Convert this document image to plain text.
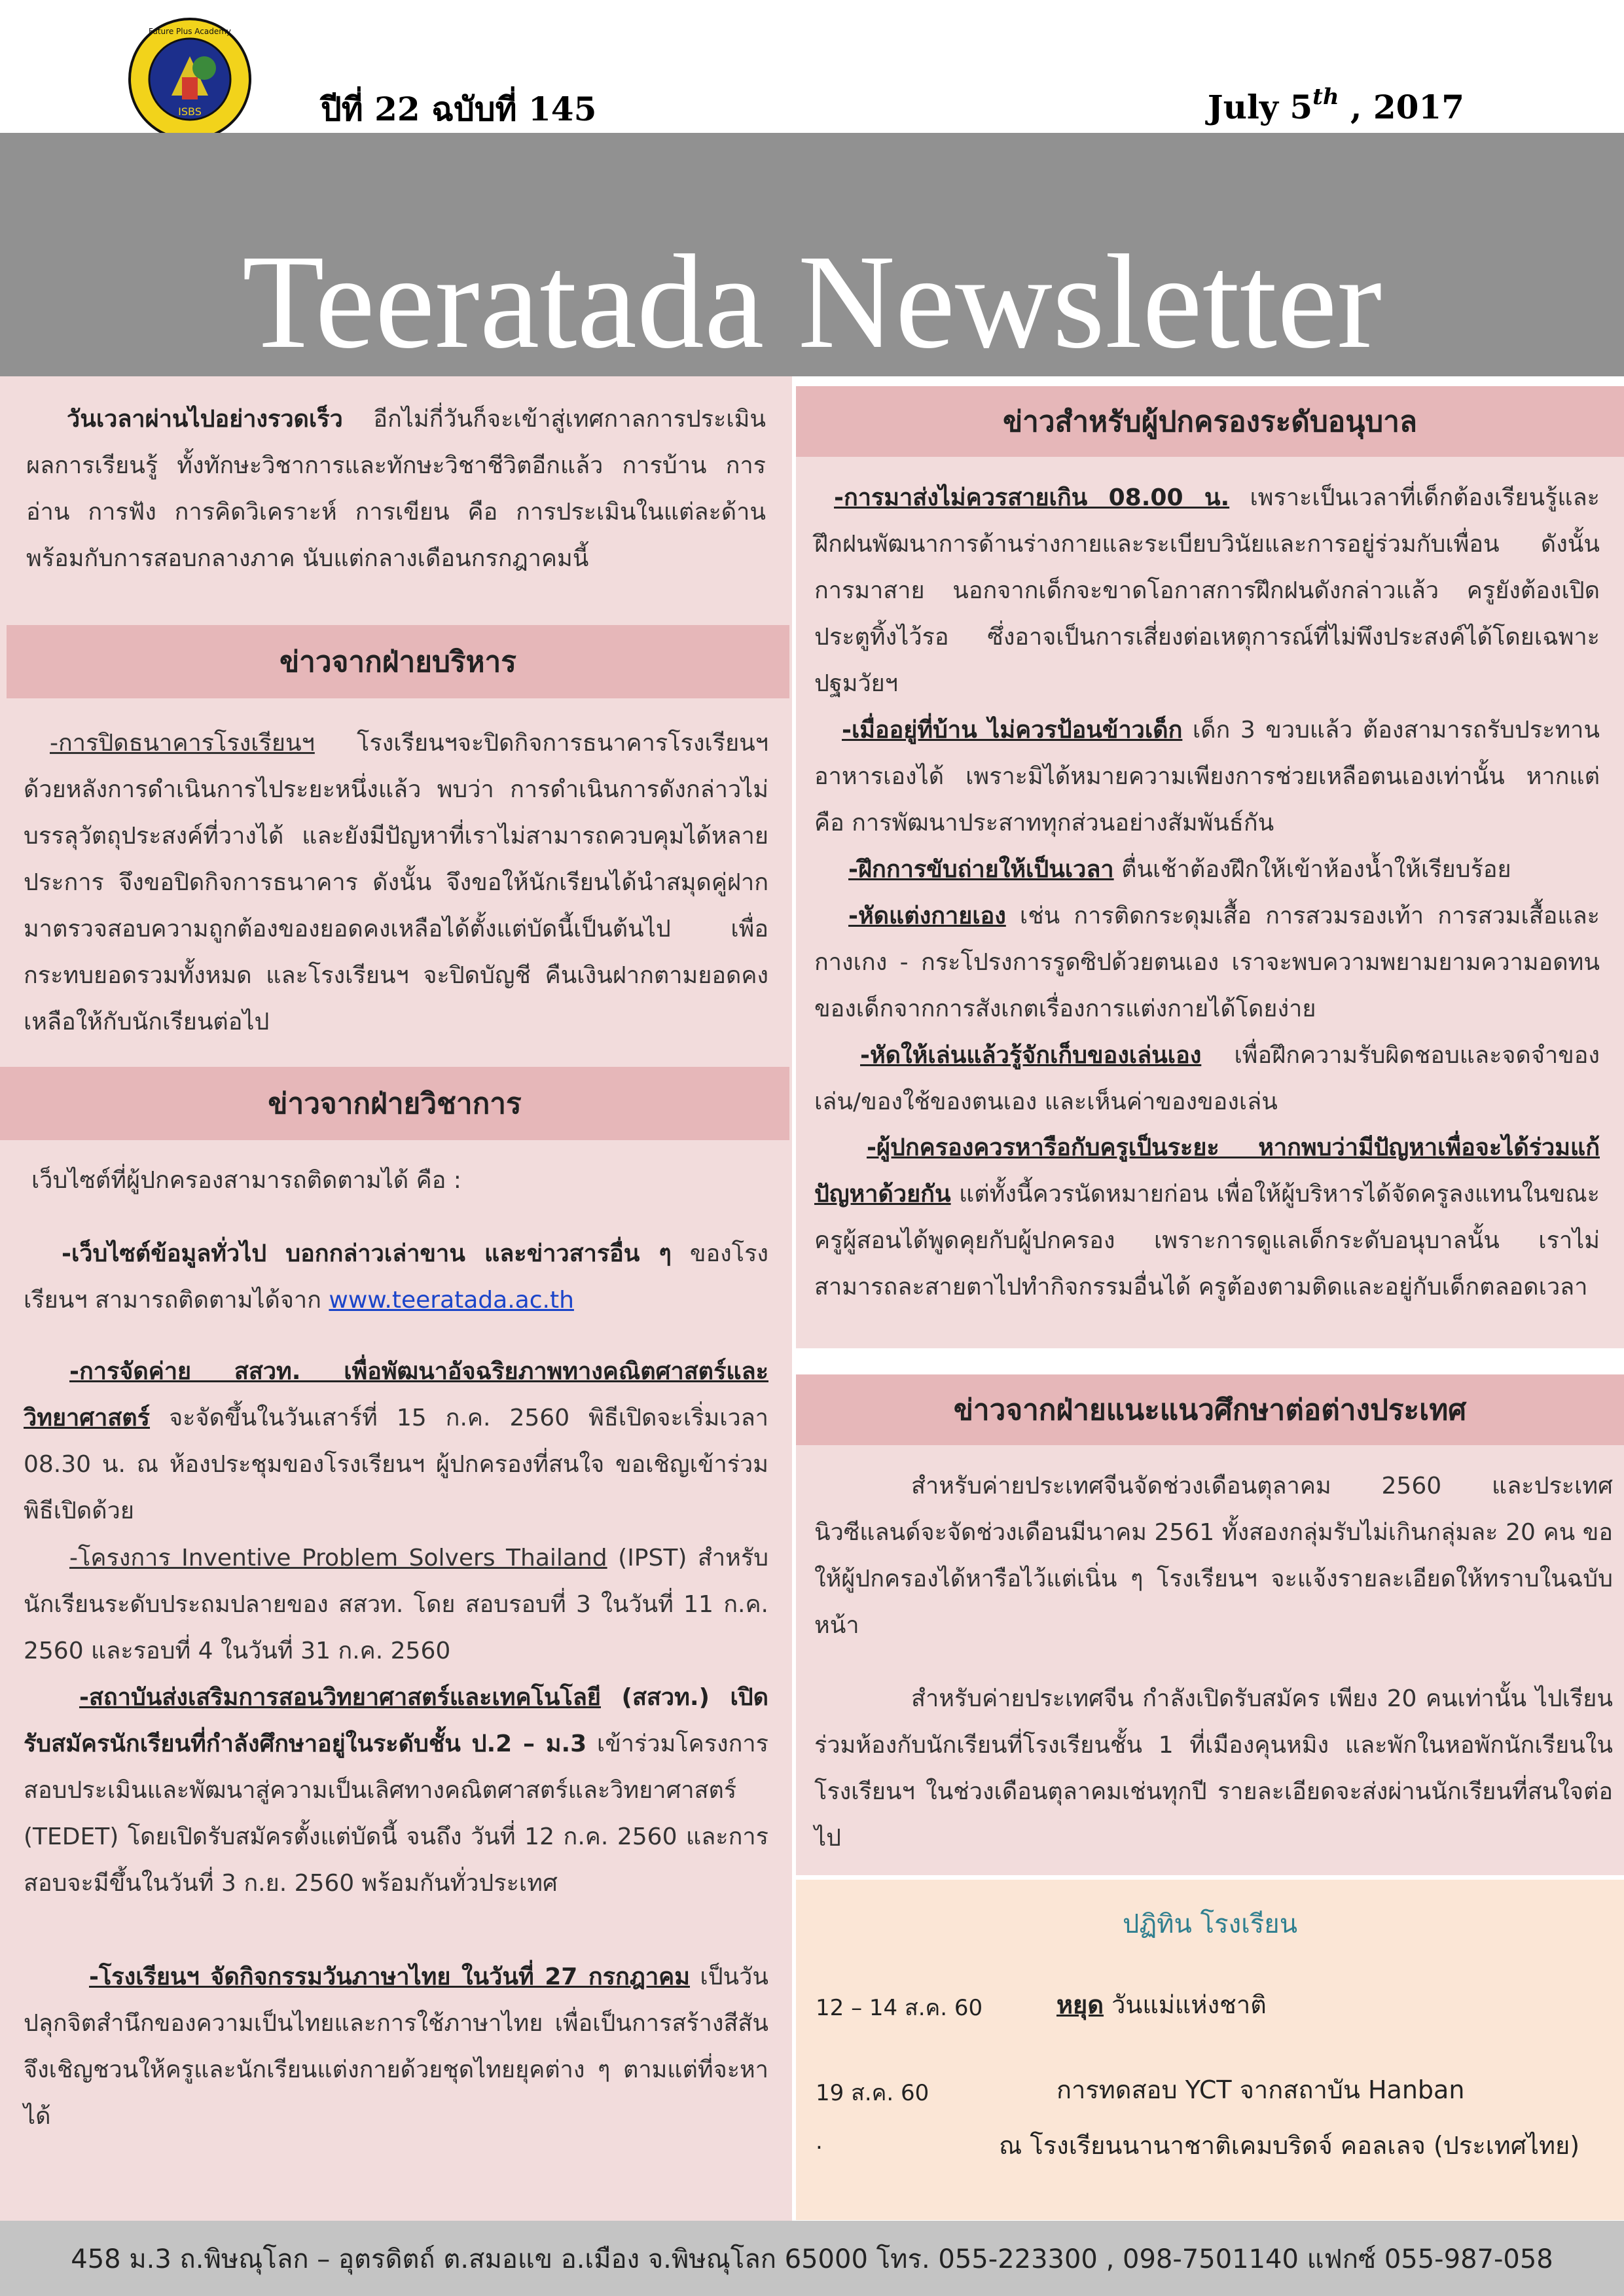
ISBS
Future Plus Academy
ปีที่ 22 ฉบับที่ 145	July 5th , 2017
Teeratada Newsletter
วันเวลาผ่านไปอย่างรวดเร็ว อีกไม่กี่วันก็จะเข้าสู่เทศกาลการประเมินผลการเรียนรู้ ทั้งทักษะวิชาการและทักษะวิชาชีวิตอีกแล้ว การบ้าน การอ่าน การฟัง การคิดวิเคราะห์ การเขียน คือ การประเมินในแต่ละด้าน พร้อมกับการสอบกลางภาค นับแต่กลางเดือนกรกฎาคมนี้
ข่าวจากฝ่ายบริหาร
-การปิดธนาคารโรงเรียนฯ โรงเรียนฯจะปิดกิจการธนาคารโรงเรียนฯด้วยหลังการดำเนินการไประยะหนึ่งแล้ว พบว่า การดำเนินการดังกล่าวไม่บรรลุวัตถุประสงค์ที่วางได้ และยังมีปัญหาที่เราไม่สามารถควบคุมได้หลายประการ จึงขอปิดกิจการธนาคาร ดังนั้น จึงขอให้นักเรียนได้นำสมุดคู่ฝากมาตรวจสอบความถูกต้องของยอดคงเหลือได้ตั้งแต่บัดนี้เป็นต้นไป เพื่อกระทบยอดรวมทั้งหมด และโรงเรียนฯ จะปิดบัญชี คืนเงินฝากตามยอดคงเหลือให้กับนักเรียนต่อไป
ข่าวจากฝ่ายวิชาการ
เว็บไซต์ที่ผู้ปกครองสามารถติดตามได้ คือ :
-เว็บไซต์ข้อมูลทั่วไป บอกกล่าวเล่าขาน และข่าวสารอื่น ๆ ของโรงเรียนฯ สามารถติดตามได้จาก www.teeratada.ac.th
-การจัดค่าย สสวท. เพื่อพัฒนาอัจฉริยภาพทางคณิตศาสตร์และวิทยาศาสตร์ จะจัดขึ้นในวันเสาร์ที่ 15 ก.ค. 2560 พิธีเปิดจะเริ่มเวลา 08.30 น. ณ ห้องประชุมของโรงเรียนฯ ผู้ปกครองที่สนใจ ขอเชิญเข้าร่วมพิธีเปิดด้วย
-โครงการ Inventive Problem Solvers Thailand (IPST) สำหรับนักเรียนระดับประถมปลายของ สสวท. โดย สอบรอบที่ 3 ในวันที่ 11 ก.ค. 2560 และรอบที่ 4 ในวันที่ 31 ก.ค. 2560
-สถาบันส่งเสริมการสอนวิทยาศาสตร์และเทคโนโลยี (สสวท.) เปิดรับสมัครนักเรียนที่กำลังศึกษาอยู่ในระดับชั้น ป.2 – ม.3 เข้าร่วมโครงการสอบประเมินและพัฒนาสู่ความเป็นเลิศทางคณิตศาสตร์และวิทยาศาสตร์ (TEDET) โดยเปิดรับสมัครตั้งแต่บัดนี้ จนถึง วันที่ 12 ก.ค. 2560 และการสอบจะมีขึ้นในวันที่ 3 ก.ย. 2560 พร้อมกันทั่วประเทศ
-โรงเรียนฯ จัดกิจกรรมวันภาษาไทย ในวันที่ 27 กรกฎาคม เป็นวันปลุกจิตสำนึกของความเป็นไทยและการใช้ภาษาไทย เพื่อเป็นการสร้างสีสันจึงเชิญชวนให้ครูและนักเรียนแต่งกายด้วยชุดไทยยุคต่าง ๆ ตามแต่ที่จะหาได้
ข่าวสำหรับผู้ปกครองระดับอนุบาล
-การมาส่งไม่ควรสายเกิน 08.00 น. เพราะเป็นเวลาที่เด็กต้องเรียนรู้และฝึกฝนพัฒนาการด้านร่างกายและระเบียบวินัยและการอยู่ร่วมกับเพื่อน ดังนั้น การมาสาย นอกจากเด็กจะขาดโอกาสการฝึกฝนดังกล่าวแล้ว ครูยังต้องเปิดประตูทิ้งไว้รอ ซึ่งอาจเป็นการเสี่ยงต่อเหตุการณ์ที่ไม่พึงประสงค์ได้โดยเฉพาะปฐมวัยฯ
-เมื่ออยู่ที่บ้าน ไม่ควรป้อนข้าวเด็ก เด็ก 3 ขวบแล้ว ต้องสามารถรับประทานอาหารเองได้ เพราะมิได้หมายความเพียงการช่วยเหลือตนเองเท่านั้น หากแต่ คือ การพัฒนาประสาททุกส่วนอย่างสัมพันธ์กัน
-ฝึกการขับถ่ายให้เป็นเวลา ตื่นเช้าต้องฝึกให้เข้าห้องน้ำให้เรียบร้อย
-หัดแต่งกายเอง เช่น การติดกระดุมเสื้อ การสวมรองเท้า การสวมเสื้อและกางเกง - กระโปรงการรูดซิปด้วยตนเอง เราจะพบความพยามยามความอดทนของเด็กจากการสังเกตเรื่องการแต่งกายได้โดยง่าย
-หัดให้เล่นแล้วรู้จักเก็บของเล่นเอง เพื่อฝึกความรับผิดชอบและจดจำของเล่น/ของใช้ของตนเอง และเห็นค่าของของเล่น
-ผู้ปกครองควรหารือกับครูเป็นระยะ หากพบว่ามีปัญหาเพื่อจะได้ร่วมแก้ปัญหาด้วยกัน แต่ทั้งนี้ควรนัดหมายก่อน เพื่อให้ผู้บริหารได้จัดครูลงแทนในขณะครูผู้สอนได้พูดคุยกับผู้ปกครอง เพราะการดูแลเด็กระดับอนุบาลนั้น เราไม่สามารถละสายตาไปทำกิจกรรมอื่นได้ ครูต้องตามติดและอยู่กับเด็กตลอดเวลา
ข่าวจากฝ่ายแนะแนวศึกษาต่อต่างประเทศ
สำหรับค่ายประเทศจีนจัดช่วงเดือนตุลาคม 2560 และประเทศนิวซีแลนด์จะจัดช่วงเดือนมีนาคม 2561 ทั้งสองกลุ่มรับไม่เกินกลุ่มละ 20 คน ขอให้ผู้ปกครองได้หารือไว้แต่เนิ่น ๆ โรงเรียนฯ จะแจ้งรายละเอียดให้ทราบในฉบับหน้า
สำหรับค่ายประเทศจีน กำลังเปิดรับสมัคร เพียง 20 คนเท่านั้น ไปเรียนร่วมห้องกับนักเรียนที่โรงเรียนชั้น 1 ที่เมืองคุนหมิง และพักในหอพักนักเรียนในโรงเรียนฯ ในช่วงเดือนตุลาคมเช่นทุกปี รายละเอียดจะส่งผ่านนักเรียนที่สนใจต่อไป
ปฏิทิน โรงเรียน
12 – 14 ส.ค. 60	หยุด วันแม่แห่งชาติ
19 ส.ค. 60	การทดสอบ YCT จากสถาบัน Hanban
.	ณ โรงเรียนนานาชาติเคมบริดจ์ คอลเลจ (ประเทศไทย)
458 ม.3 ถ.พิษณุโลก – อุตรดิตถ์ ต.สมอแข อ.เมือง จ.พิษณุโลก 65000 โทร. 055-223300 , 098-7501140 แฟกซ์ 055-987-058
